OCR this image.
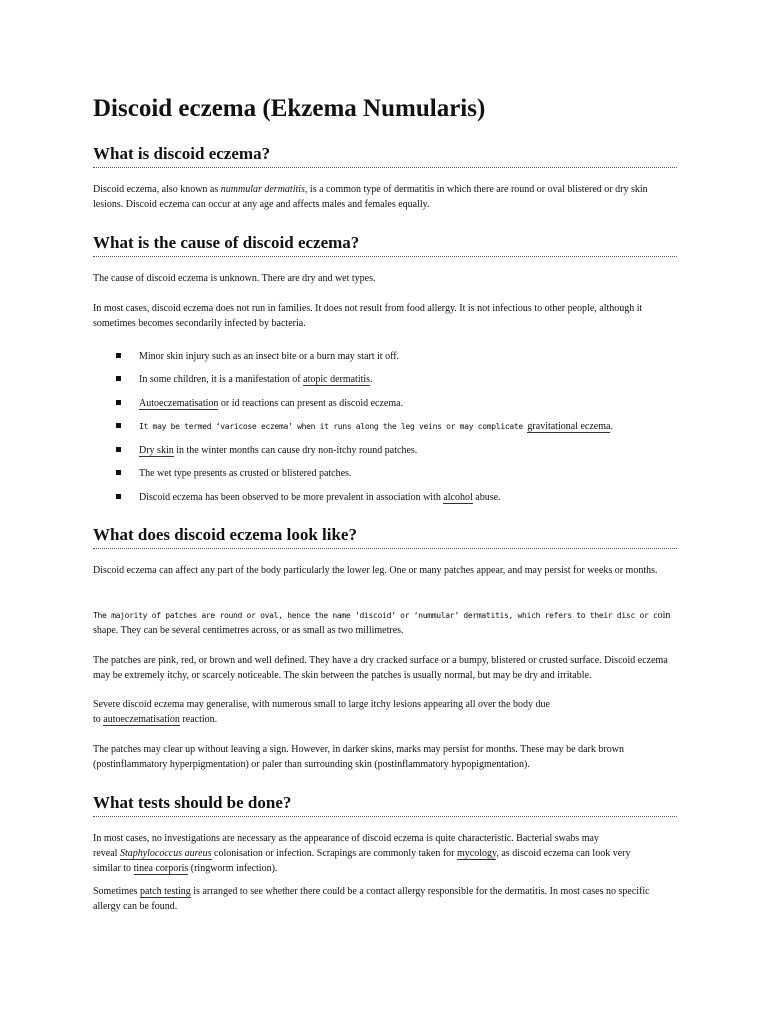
Discoid eczema (Ekzema Numularis)
What is discoid eczema?

Discoid eczema, also known as nummular dermatitis, is a common type of dermatitis in which there are round or oval blistered or dry skin lesions. Discoid eczema can occur at any age and affects males and females equally.

What is the cause of discoid eczema?

The cause of discoid eczema is unknown. There are dry and wet types.

In most cases, discoid eczema does not run in families. It does not result from food allergy. It is not infectious to other people, although it sometimes becomes secondarily infected by bacteria.

Minor skin injury such as an insect bite or a burn may start it off.
In some children, it is a manifestation of atopic dermatitis.
Autoeczematisation or id reactions can present as discoid eczema.
It may be termed ‘varicose eczema’ when it runs along the leg veins or may complicate gravitational eczema.
Dry skin in the winter months can cause dry non-itchy round patches.
The wet type presents as crusted or blistered patches.
Discoid eczema has been observed to be more prevalent in association with alcohol abuse.
What does discoid eczema look like?

Discoid eczema can affect any part of the body particularly the lower leg. One or many patches appear, and may persist for weeks or months.

The majority of patches are round or oval, hence the name ‘discoid’ or ‘nummular’ dermatitis, which refers to their disc or coin shape. They can be several centimetres across, or as small as two millimetres.

The patches are pink, red, or brown and well defined. They have a dry cracked surface or a bumpy, blistered or crusted surface. Discoid eczema may be extremely itchy, or scarcely noticeable. The skin between the patches is usually normal, but may be dry and irritable.

Severe discoid eczema may generalise, with numerous small to large itchy lesions appearing all over the body due
to autoeczematisation reaction.

The patches may clear up without leaving a sign. However, in darker skins, marks may persist for months. These may be dark brown (postinflammatory hyperpigmentation) or paler than surrounding skin (postinflammatory hypopigmentation).

What tests should be done?

In most cases, no investigations are necessary as the appearance of discoid eczema is quite characteristic. Bacterial swabs may
reveal Staphylococcus aureus colonisation or infection. Scrapings are commonly taken for mycology, as discoid eczema can look very
similar to tinea corporis (ringworm infection).

Sometimes patch testing is arranged to see whether there could be a contact allergy responsible for the dermatitis. In most cases no specific allergy can be found.
